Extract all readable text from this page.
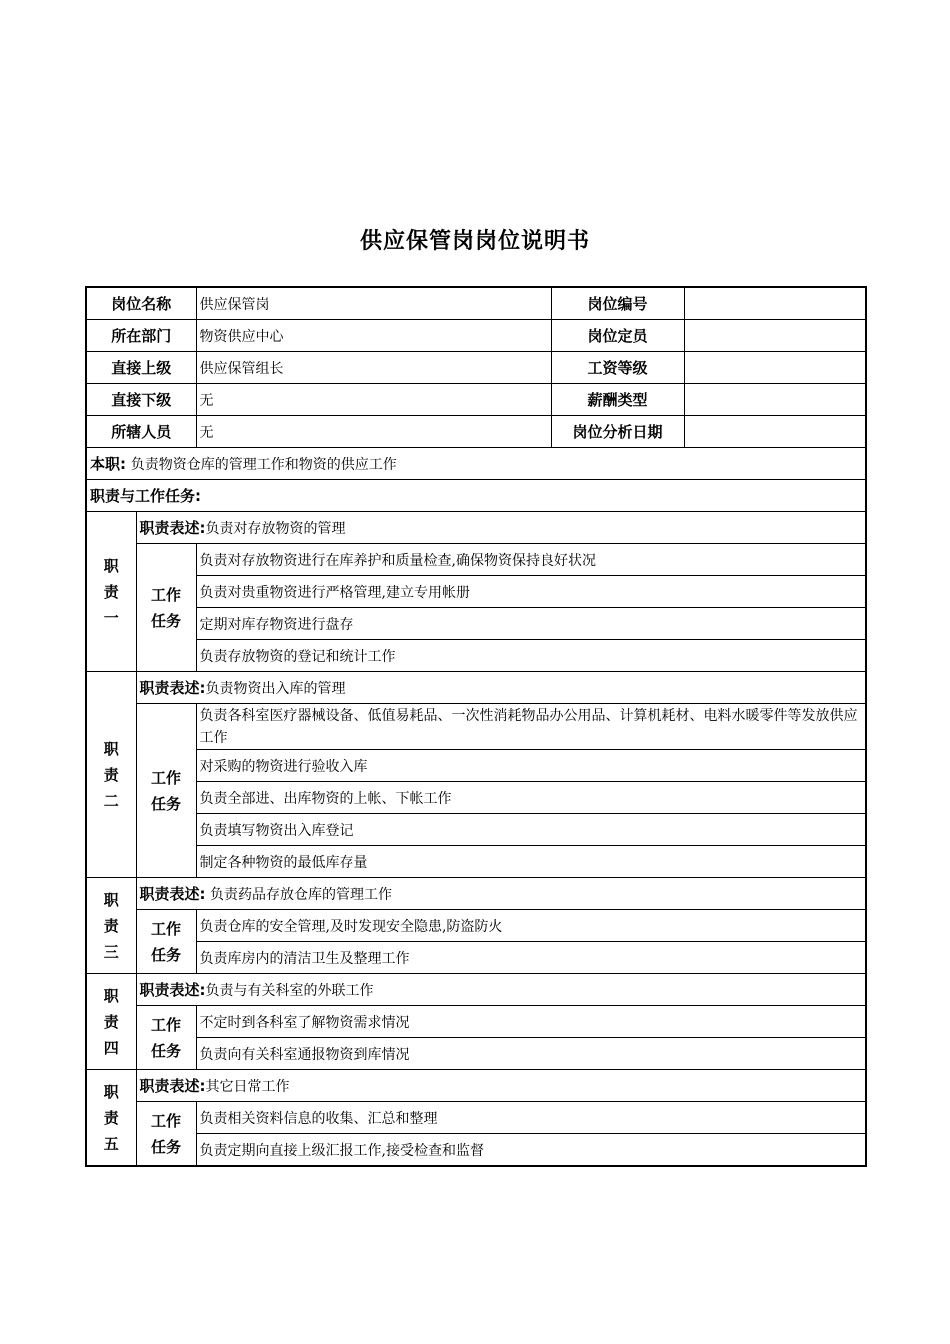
供应保管岗岗位说明书
岗位名称		供应保管岗	岗位编号	
所在部门		物资供应中心	岗位定员	
直接上级		供应保管组长	工资等级	
直接下级		无	薪酬类型	
所辖人员		无	岗位分析日期	
本职: 负责物资仓库的管理工作和物资的供应工作				
职责与工作任务:				

职
责
一	职责表述:负责对存放物资的管理			

	工作
任务	负责对存放物资进行在库养护和质量检查,确保物资保持良好状况		
		负责对贵重物资进行严格管理,建立专用帐册		
		定期对库存物资进行盘存		
		负责存放物资的登记和统计工作		

职
责
二	职责表述:负责物资出入库的管理			

	工作
任务	负责各科室医疗器械设备、低值易耗品、一次性消耗物品办公用品、计算机耗材、电料水暖零件等发放供应工作		
		对采购的物资进行验收入库		
		负责全部进、出库物资的上帐、下帐工作		
		负责填写物资出入库登记		
		制定各种物资的最低库存量		

职
责
三	职责表述: 负责药品存放仓库的管理工作			

	工作
任务	负责仓库的安全管理,及时发现安全隐患,防盗防火		
		负责库房内的清洁卫生及整理工作		

职
责
四	职责表述:负责与有关科室的外联工作			

	工作
任务	不定时到各科室了解物资需求情况		
		负责向有关科室通报物资到库情况		

职
责
五	职责表述:其它日常工作			

	工作
任务	负责相关资料信息的收集、汇总和整理		
		负责定期向直接上级汇报工作,接受检查和监督		
